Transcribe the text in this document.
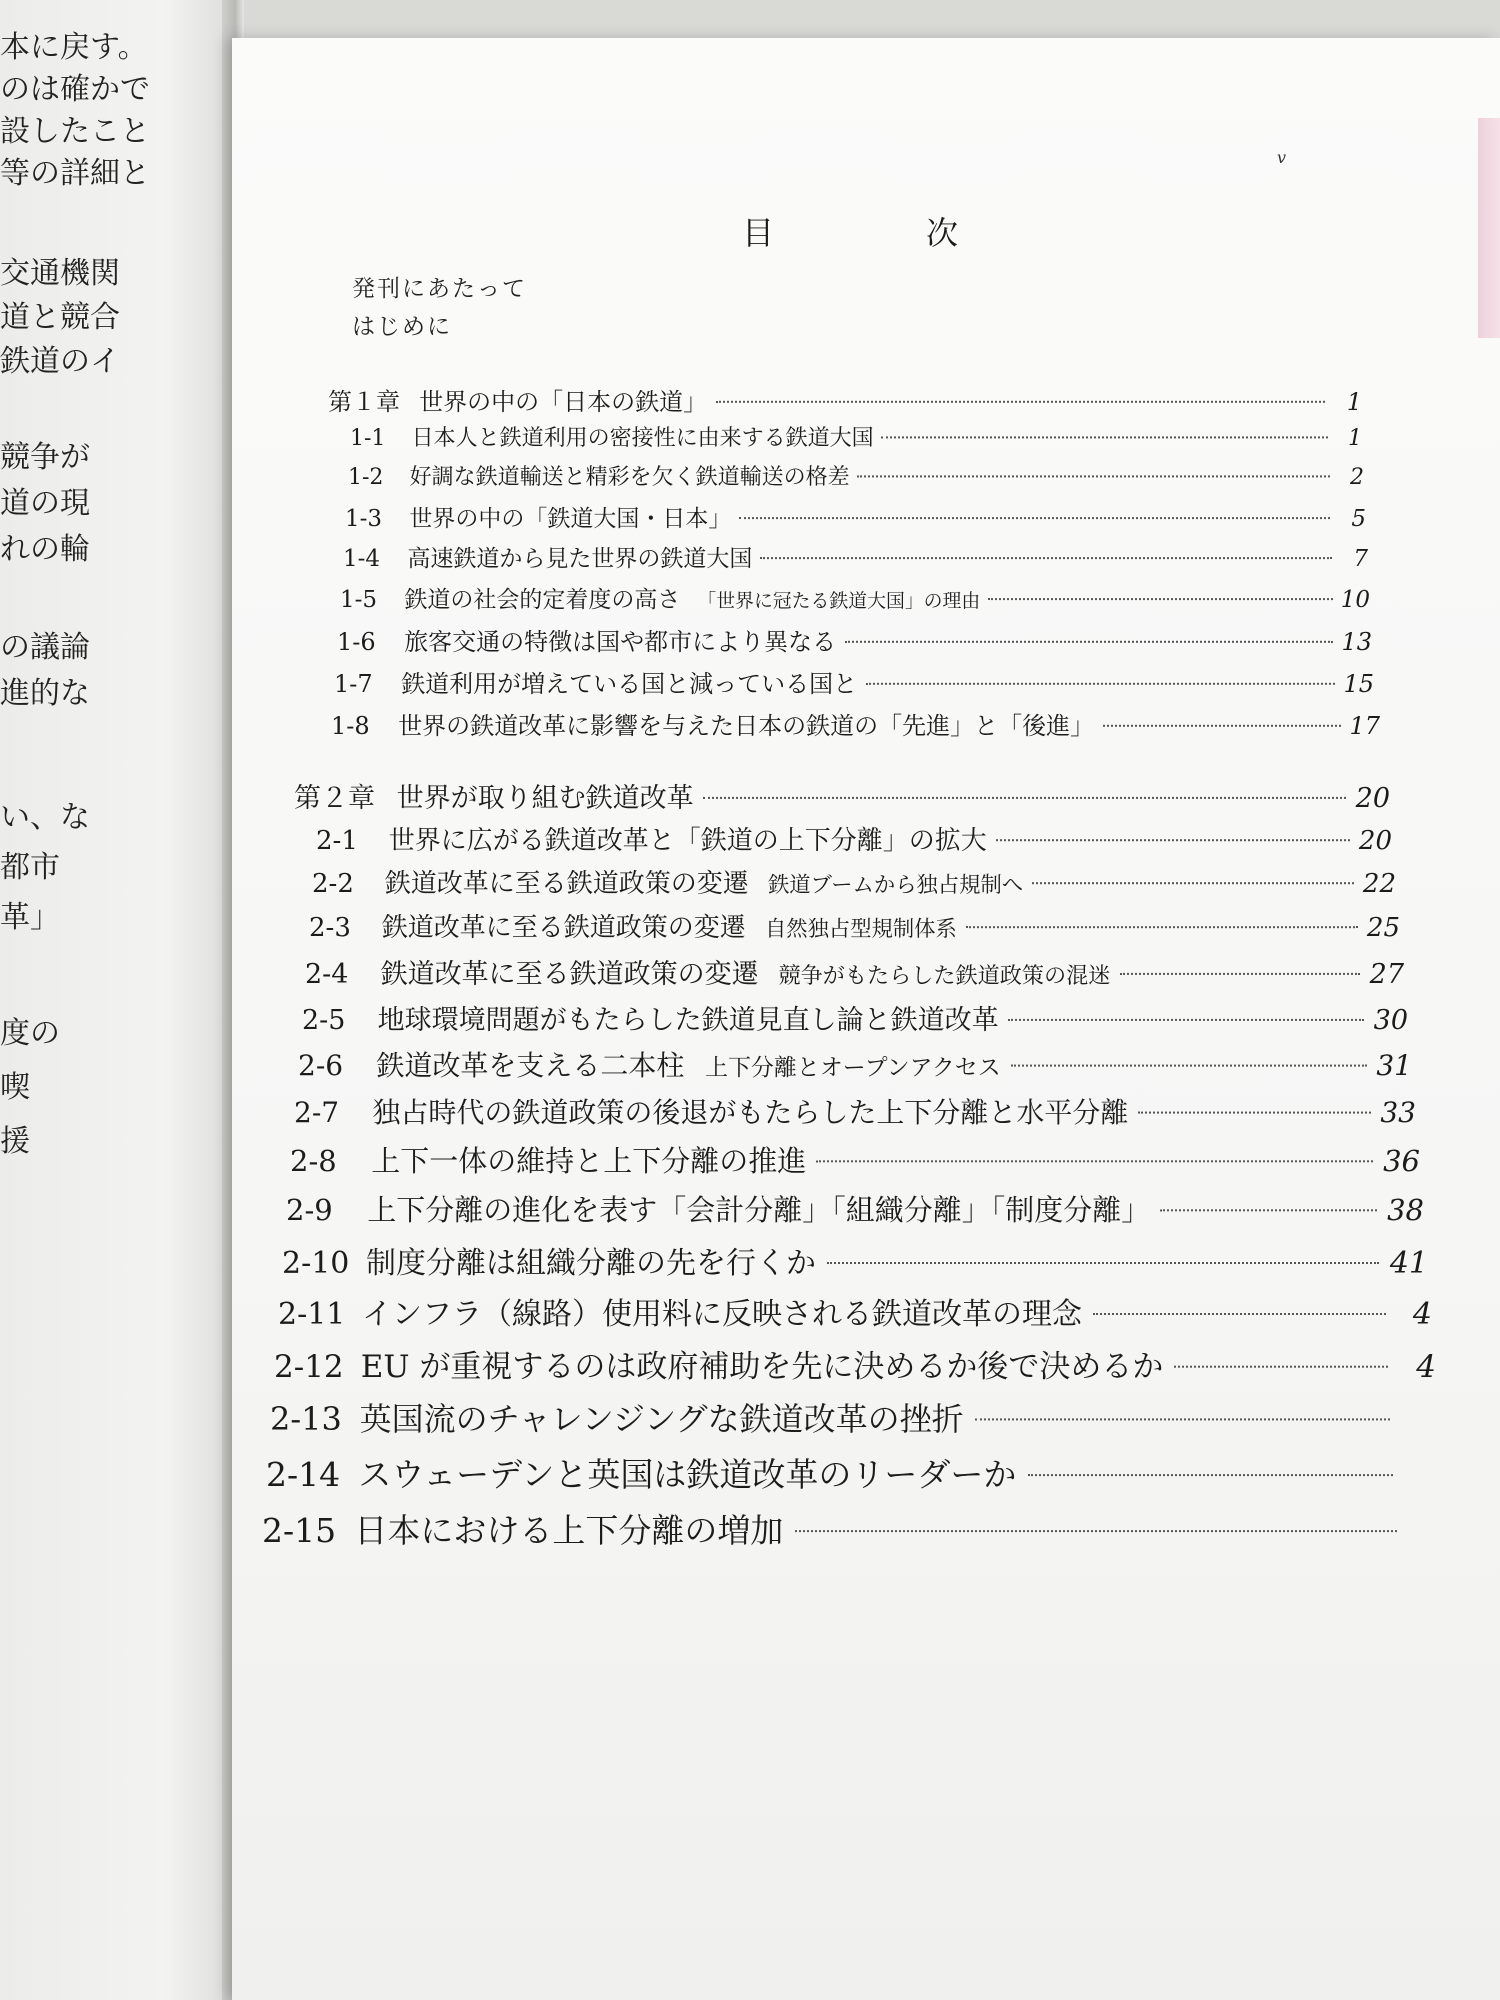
本に戻す。
のは確かで
設したこと
等の詳細と
交通機関
道と競合
鉄道のイ
競争が
道の現
れの輪
の議論
進的な
い、な
都市
革」
度の
喫
援
v
目　次
発刊にあたって
はじめに
第１章 世界の中の「日本の鉄道」	1
1-1	日本人と鉄道利用の密接性に由来する鉄道大国	1
1-2	好調な鉄道輸送と精彩を欠く鉄道輸送の格差	2
1-3	世界の中の「鉄道大国・日本」	5
1-4	高速鉄道から見た世界の鉄道大国	7
1-5	鉄道の社会的定着度の高さ 「世界に冠たる鉄道大国」の理由	10
1-6	旅客交通の特徴は国や都市により異なる	13
1-7	鉄道利用が増えている国と減っている国と	15
1-8	世界の鉄道改革に影響を与えた日本の鉄道の「先進」と「後進」	17
第２章 世界が取り組む鉄道改革	20
2-1	世界に広がる鉄道改革と「鉄道の上下分離」の拡大	20
2-2	鉄道改革に至る鉄道政策の変遷 鉄道ブームから独占規制へ	22
2-3	鉄道改革に至る鉄道政策の変遷 自然独占型規制体系	25
2-4	鉄道改革に至る鉄道政策の変遷 競争がもたらした鉄道政策の混迷	27
2-5	地球環境問題がもたらした鉄道見直し論と鉄道改革	30
2-6	鉄道改革を支える二本柱 上下分離とオープンアクセス	31
2-7	独占時代の鉄道政策の後退がもたらした上下分離と水平分離	33
2-8	上下一体の維持と上下分離の推進	36
2-9	上下分離の進化を表す「会計分離」「組織分離」「制度分離」	38
2-10 制度分離は組織分離の先を行くか	41
2-11 インフラ（線路）使用料に反映される鉄道改革の理念	4
2-12 EU が重視するのは政府補助を先に決めるか後で決めるか	4
2-13 英国流のチャレンジングな鉄道改革の挫折
2-14 スウェーデンと英国は鉄道改革のリーダーか
2-15 日本における上下分離の増加
